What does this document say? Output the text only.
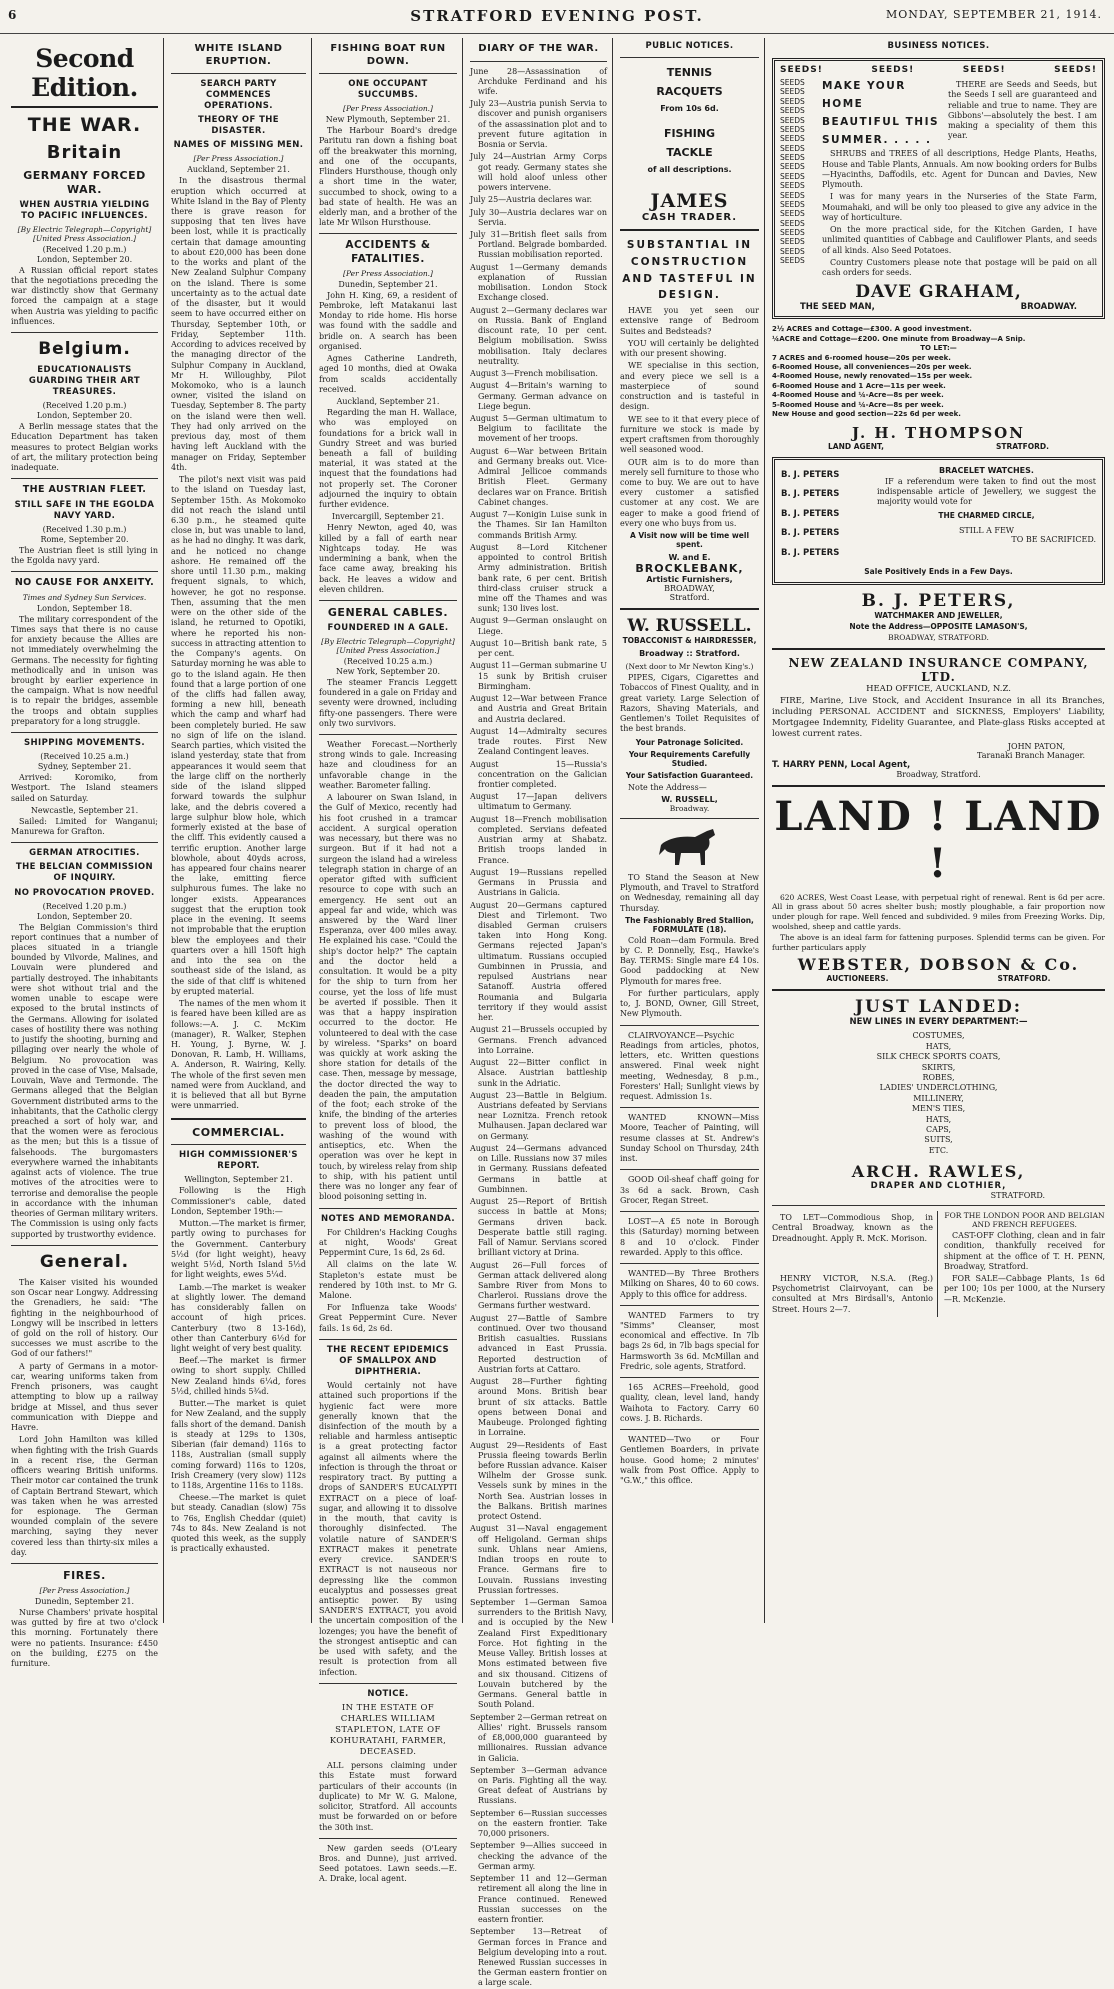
6	STRATFORD EVENING POST.	MONDAY, SEPTEMBER 21, 1914.
Second Edition.
THE WAR.
Britain
GERMANY FORCED WAR.
WHEN AUSTRIA YIELDING TO PACIFIC INFLUENCES.
[By Electric Telegraph—Copyright] [United Press Association.]
(Received 1.20 p.m.)
London, September 20.
A Russian official report states that the negotiations preceding the war distinctly show that Germany forced the campaign at a stage when Austria was yielding to pacific influences.
Belgium.
EDUCATIONALISTS GUARDING THEIR ART TREASURES.
(Received 1.20 p.m.)
London, September 20.
A Berlin message states that the Education Department has taken measures to protect Belgian works of art, the military protection being inadequate.
THE AUSTRIAN FLEET.
STILL SAFE IN THE EGOLDA NAVY YARD.
(Received 1.30 p.m.)
Rome, September 20.
The Austrian fleet is still lying in the Egolda navy yard.
NO CAUSE FOR ANXEITY.
Times and Sydney Sun Services.
London, September 18.
The military correspondent of the Times says that there is no cause for anxiety because the Allies are not immediately overwhelming the Germans. The necessity for fighting methodically and in unison was brought by earlier experience in the campaign. What is now needful is to repair the bridges, assemble the troops and obtain supplies preparatory for a long struggle.
SHIPPING MOVEMENTS.
(Received 10.25 a.m.)
Sydney, September 21.
Arrived: Koromiko, from Westport. The Island steamers sailed on Saturday.
Newcastle, September 21.
Sailed: Limited for Wanganui; Manurewa for Grafton.
GERMAN ATROCITIES.
THE BELCIAN COMMISSION OF INQUIRY.
NO PROVOCATION PROVED.
(Received 1.20 p.m.)
London, September 20.
The Belgian Commission's third report continues that a number of places situated in a triangle bounded by Vilvorde, Malines, and Louvain were plundered and partially destroyed. The inhabitants were shot without trial and the women unable to escape were exposed to the brutal instincts of the Germans. Allowing for isolated cases of hostility there was nothing to justify the shooting, burning and pillaging over nearly the whole of Belgium. No provocation was proved in the case of Vise, Malsade, Louvain, Wave and Termonde. The Germans alleged that the Belgian Government distributed arms to the inhabitants, that the Catholic clergy preached a sort of holy war, and that the women were as ferocious as the men; but this is a tissue of falsehoods. The burgomasters everywhere warned the inhabitants against acts of violence. The true motives of the atrocities were to terrorise and demoralise the people in accordance with the inhuman theories of German military writers. The Commission is using only facts supported by trustworthy evidence.
General.
The Kaiser visited his wounded son Oscar near Longwy. Addressing the Grenadiers, he said: "The fighting in the neighbourhood of Longwy will be inscribed in letters of gold on the roll of history. Our successes we must ascribe to the God of our fathers!"
A party of Germans in a motor-car, wearing uniforms taken from French prisoners, was caught attempting to blow up a railway bridge at Missel, and thus sever communication with Dieppe and Havre.
Lord John Hamilton was killed when fighting with the Irish Guards in a recent rise, the German officers wearing British uniforms. Their motor car contained the trunk of Captain Bertrand Stewart, which was taken when he was arrested for espionage. The German wounded complain of the severe marching, saying they never covered less than thirty-six miles a day.
FIRES.
[Per Press Association.]
Dunedin, September 21.
Nurse Chambers' private hospital was gutted by fire at two o'clock this morning. Fortunately there were no patients. Insurance: £450 on the building, £275 on the furniture.
WHITE ISLAND ERUPTION.
SEARCH PARTY COMMENCES OPERATIONS.
THEORY OF THE DISASTER.
NAMES OF MISSING MEN.
[Per Press Association.]
Auckland, September 21.
In the disastrous thermal eruption which occurred at White Island in the Bay of Plenty there is grave reason for supposing that ten lives have been lost, while it is practically certain that damage amounting to about £20,000 has been done to the works and plant of the New Zealand Sulphur Company on the island. There is some uncertainty as to the actual date of the disaster, but it would seem to have occurred either on Thursday, September 10th, or Friday, September 11th. According to advices received by the managing director of the Sulphur Company in Auckland, Mr H. Willoughby, Pilot Mokomoko, who is a launch owner, visited the island on Tuesday, September 8. The party on the island were then well. They had only arrived on the previous day, most of them having left Auckland with the manager on Friday, September 4th.
The pilot's next visit was paid to the island on Tuesday last, September 15th. As Mokomoko did not reach the island until 6.30 p.m., he steamed quite close in, but was unable to land, as he had no dinghy. It was dark, and he noticed no change ashore. He remained off the shore until 11.30 p.m., making frequent signals, to which, however, he got no response. Then, assuming that the men were on the other side of the island, he returned to Opotiki, where he reported his non-success in attracting attention to the Company's agents. On Saturday morning he was able to go to the island again. He then found that a large portion of one of the cliffs had fallen away, forming a new hill, beneath which the camp and wharf had been completely buried. He saw no sign of life on the island. Search parties, which visited the island yesterday, state that from appearances it would seem that the large cliff on the northerly side of the island slipped forward towards the sulphur lake, and the debris covered a large sulphur blow hole, which formerly existed at the base of the cliff. This evidently caused a terrific eruption. Another large blowhole, about 40yds across, has appeared four chains nearer the lake, emitting fierce sulphurous fumes. The lake no longer exists. Appearances suggest that the eruption took place in the evening. It seems not improbable that the eruption blew the employees and their quarters over a hill 150ft high and into the sea on the southeast side of the island, as the side of that cliff is whitened by erupted material.
The names of the men whom it is feared have been killed are as follows:—A. J. C. McKim (manager), R. Walker, Stephen H. Young, J. Byrne, W. J. Donovan, R. Lamb, H. Williams, A. Anderson, R. Wairing, Kelly. The whole of the first seven men named were from Auckland, and it is believed that all but Byrne were unmarried.
COMMERCIAL.
HIGH COMMISSIONER'S REPORT.
Wellington, September 21.
Following is the High Commissioner's cable, dated London, September 19th:—
Mutton.—The market is firmer, partly owing to purchases for the Government. Canterbury 5½d (for light weight), heavy weight 5½d, North Island 5½d for light weights, ewes 5¼d.
Lamb.—The market is weaker at slightly lower. The demand has considerably fallen on account of high prices. Canterbury (two 8 13-16d), other than Canterbury 6½d for light weight of very best quality.
Beef.—The market is firmer owing to short supply. Chilled New Zealand hinds 6¼d, fores 5½d, chilled hinds 5¾d.
Butter.—The market is quiet for New Zealand, and the supply falls short of the demand. Danish is steady at 129s to 130s, Siberian (fair demand) 116s to 118s, Australian (small supply coming forward) 116s to 120s, Irish Creamery (very slow) 112s to 118s, Argentine 116s to 118s.
Cheese.—The market is quiet but steady. Canadian (slow) 75s to 76s, English Cheddar (quiet) 74s to 84s. New Zealand is not quoted this week, as the supply is practically exhausted.
FISHING BOAT RUN DOWN.
ONE OCCUPANT SUCCUMBS.
[Per Press Association.]
New Plymouth, September 21.
The Harbour Board's dredge Paritutu ran down a fishing boat off the breakwater this morning, and one of the occupants, Flinders Hursthouse, though only a short time in the water, succumbed to shock, owing to a bad state of health. He was an elderly man, and a brother of the late Mr Wilson Hursthouse.
ACCIDENTS & FATALITIES.
[Per Press Association.]
Dunedin, September 21.
John H. King, 69, a resident of Pembroke, left Matakanui last Monday to ride home. His horse was found with the saddle and bridle on. A search has been organised.
Agnes Catherine Landreth, aged 10 months, died at Owaka from scalds accidentally received.
Auckland, September 21.
Regarding the man H. Wallace, who was employed on foundations for a brick wall in Gundry Street and was buried beneath a fall of building material, it was stated at the inquest that the foundations had not properly set. The Coroner adjourned the inquiry to obtain further evidence.
Invercargill, September 21.
Henry Newton, aged 40, was killed by a fall of earth near Nightcaps today. He was undermining a bank, when the face came away, breaking his back. He leaves a widow and eleven children.
GENERAL CABLES.
FOUNDERED IN A GALE.
[By Electric Telegraph—Copyright] [United Press Association.]
(Received 10.25 a.m.)
New York, September 20.
The steamer Francis Leggett foundered in a gale on Friday and seventy were drowned, including fifty-one passengers. There were only two survivors.
Weather Forecast.—Northerly strong winds to gale. Increasing haze and cloudiness for an unfavorable change in the weather. Barometer falling.
A labourer on Swan Island, in the Gulf of Mexico, recently had his foot crushed in a tramcar accident. A surgical operation was necessary, but there was no surgeon. But if it had not a surgeon the island had a wireless telegraph station in charge of an operator gifted with sufficient resource to cope with such an emergency. He sent out an appeal far and wide, which was answered by the Ward liner Esperanza, over 400 miles away. He explained his case. "Could the ship's doctor help?" The captain and the doctor held a consultation. It would be a pity for the ship to turn from her course, yet the loss of life must be averted if possible. Then it was that a happy inspiration occurred to the doctor. He volunteered to deal with the case by wireless. "Sparks" on board was quickly at work asking the shore station for details of the case. Then, message by message, the doctor directed the way to deaden the pain, the amputation of the foot; each stroke of the knife, the binding of the arteries to prevent loss of blood, the washing of the wound with antiseptics, etc. When the operation was over he kept in touch, by wireless relay from ship to ship, with his patient until there was no longer any fear of blood poisoning setting in.
NOTES AND MEMORANDA.
For Children's Hacking Coughs at night, Woods' Great Peppermint Cure, 1s 6d, 2s 6d.
All claims on the late W. Stapleton's estate must be rendered by 10th inst. to Mr G. Malone.
For Influenza take Woods' Great Peppermint Cure. Never fails. 1s 6d, 2s 6d.
THE RECENT EPIDEMICS OF SMALLPOX AND DIPHTHERIA.
Would certainly not have attained such proportions if the hygienic fact were more generally known that the disinfection of the mouth by a reliable and harmless antiseptic is a great protecting factor against all ailments where the infection is through the throat or respiratory tract. By putting a drops of SANDER'S EUCALYPTI EXTRACT on a piece of loaf-sugar, and allowing it to dissolve in the mouth, that cavity is thoroughly disinfected. The volatile nature of SANDER'S EXTRACT makes it penetrate every crevice. SANDER'S EXTRACT is not nauseous nor depressing like the common eucalyptus and possesses great antiseptic power. By using SANDER'S EXTRACT, you avoid the uncertain composition of the lozenges; you have the benefit of the strongest antiseptic and can be used with safety, and the result is protection from all infection.
NOTICE.
IN THE ESTATE OF CHARLES WILLIAM STAPLETON, LATE OF KOHURATAHI, FARMER, DECEASED.
ALL persons claiming under this Estate must forward particulars of their accounts (in duplicate) to Mr W. G. Malone, solicitor, Stratford. All accounts must be forwarded on or before the 30th inst.
New garden seeds (O'Leary Bros. and Dunne), just arrived. Seed potatoes. Lawn seeds.—E. A. Drake, local agent.
DIARY OF THE WAR.
June 28—Assassination of Archduke Ferdinand and his wife.
July 23—Austria punish Servia to discover and punish organisers of the assassination plot and to prevent future agitation in Bosnia or Servia.
July 24—Austrian Army Corps got ready. Germany states she will hold aloof unless other powers intervene.
July 25—Austria declares war.
July 30—Austria declares war on Servia.
July 31—British fleet sails from Portland. Belgrade bombarded. Russian mobilisation reported.
August 1—Germany demands explanation of Russian mobilisation. London Stock Exchange closed.
August 2—Germany declares war on Russia. Bank of England discount rate, 10 per cent. Belgium mobilisation. Swiss mobilisation. Italy declares neutrality.
August 3—French mobilisation.
August 4—Britain's warning to Germany. German advance on Liege begun.
August 5—German ultimatum to Belgium to facilitate the movement of her troops.
August 6—War between Britain and Germany breaks out. Vice-Admiral Jellicoe commands British Fleet. Germany declares war on France. British Cabinet changes.
August 7—Konigin Luise sunk in the Thames. Sir Ian Hamilton commands British Army.
August 8—Lord Kitchener appointed to control British Army administration. British bank rate, 6 per cent. British third-class cruiser struck a mine off the Thames and was sunk; 130 lives lost.
August 9—German onslaught on Liege.
August 10—British bank rate, 5 per cent.
August 11—German submarine U 15 sunk by British cruiser Birmingham.
August 12—War between France and Austria and Great Britain and Austria declared.
August 14—Admiralty secures trade routes. First New Zealand Contingent leaves.
August 15—Russia's concentration on the Galician frontier completed.
August 17—Japan delivers ultimatum to Germany.
August 18—French mobilisation completed. Servians defeated Austrian army at Shabatz. British troops landed in France.
August 19—Russians repelled Germans in Prussia and Austrians in Galicia.
August 20—Germans captured Diest and Tirlemont. Two disabled German cruisers taken into Hong Kong. Germans rejected Japan's ultimatum. Russians occupied Gumbinnen in Prussia, and repulsed Austrians near Satanoff. Austria offered Roumania and Bulgaria territory if they would assist her.
August 21—Brussels occupied by Germans. French advanced into Lorraine.
August 22—Bitter conflict in Alsace. Austrian battleship sunk in the Adriatic.
August 23—Battle in Belgium. Austrians defeated by Servians near Loznitza. French retook Mulhausen. Japan declared war on Germany.
August 24—Germans advanced on Lille. Russians now 37 miles in Germany. Russians defeated Germans in battle at Gumbinnen.
August 25—Report of British success in battle at Mons; Germans driven back. Desperate battle still raging. Fall of Namur. Servians scored brilliant victory at Drina.
August 26—Full forces of German attack delivered along Sambre River from Mons to Charleroi. Russians drove the Germans further westward.
August 27—Battle of Sambre continued. Over two thousand British casualties. Russians advanced in East Prussia. Reported destruction of Austrian forts at Cattaro.
August 28—Further fighting around Mons. British bear brunt of six attacks. Battle opens between Donai and Maubeuge. Prolonged fighting in Lorraine.
August 29—Residents of East Prussia fleeing towards Berlin before Russian advance. Kaiser Wilhelm der Grosse sunk. Vessels sunk by mines in the North Sea. Austrian losses in the Balkans. British marines protect Ostend.
August 31—Naval engagement off Heligoland. German ships sunk. Uhlans near Amiens, Indian troops en route to France. Germans fire to Louvain. Russians investing Prussian fortresses.
September 1—German Samoa surrenders to the British Navy, and is occupied by the New Zealand First Expeditionary Force. Hot fighting in the Meuse Valley. British losses at Mons estimated between five and six thousand. Citizens of Louvain butchered by the Germans. General battle in South Poland.
September 2—German retreat on Allies' right. Brussels ransom of £8,000,000 guaranteed by millionaires. Russian advance in Galicia.
September 3—German advance on Paris. Fighting all the way. Great defeat of Austrians by Russians.
September 6—Russian successes on the eastern frontier. Take 70,000 prisoners.
September 9—Allies succeed in checking the advance of the German army.
September 11 and 12—German retirement all along the line in France continued. Renewed Russian successes on the eastern frontier.
September 13—Retreat of German forces in France and Belgium developing into a rout. Renewed Russian successes in the German eastern frontier on a large scale.
PUBLIC NOTICES.
TENNIS
RACQUETS
From 10s 6d.
FISHING
TACKLE
of all descriptions.
JAMES
CASH TRADER.
SUBSTANTIAL IN CONSTRUCTION AND TASTEFUL IN DESIGN.
HAVE you yet seen our extensive range of Bedroom Suites and Bedsteads?
YOU will certainly be delighted with our present showing.
WE specialise in this section, and every piece we sell is a masterpiece of sound construction and is tasteful in design.
WE see to it that every piece of furniture we stock is made by expert craftsmen from thoroughly well seasoned wood.
OUR aim is to do more than merely sell furniture to those who come to buy. We are out to have every customer a satisfied customer at any cost. We are eager to make a good friend of every one who buys from us.
A Visit now will be time well spent.
W. and E.
BROCKLEBANK,
Artistic Furnishers,
BROADWAY,
Stratford.
W. RUSSELL.
TOBACCONIST & HAIRDRESSER,
Broadway :: Stratford.
(Next door to Mr Newton King's.)
PIPES, Cigars, Cigarettes and Tobaccos of Finest Quality, and in great variety. Large Selection of Razors, Shaving Materials, and Gentlemen's Toilet Requisites of the best brands.
Your Patronage Solicited.
Your Requirements Carefully Studied.
Your Satisfaction Guaranteed.
Note the Address—
W. RUSSELL,
Broadway.
TO Stand the Season at New Plymouth, and Travel to Stratford on Wednesday, remaining all day Thursday.
The Fashionably Bred Stallion, FORMULATE (18).
Cold Roan—dam Formula. Bred by C. P. Donnelly, Esq., Hawke's Bay. TERMS: Single mare £4 10s. Good paddocking at New Plymouth for mares free.
For further particulars, apply to, J. BOND, Owner, Gill Street, New Plymouth.
CLAIRVOYANCE—Psychic Readings from articles, photos, letters, etc. Written questions answered. Final week night meeting, Wednesday, 8 p.m., Foresters' Hall; Sunlight views by request. Admission 1s.
WANTED KNOWN—Miss Moore, Teacher of Painting, will resume classes at St. Andrew's Sunday School on Thursday, 24th inst.
GOOD Oil-sheaf chaff going for 3s 6d a sack. Brown, Cash Grocer, Regan Street.
LOST—A £5 note in Borough this (Saturday) morning between 8 and 10 o'clock. Finder rewarded. Apply to this office.
WANTED—By Three Brothers Milking on Shares, 40 to 60 cows. Apply to this office for address.
WANTED Farmers to try "Simms" Cleanser, most economical and effective. In 7lb bags 2s 6d, in 7lb bags special for Harmsworth 3s 6d. McMillan and Fredric, sole agents, Stratford.
165 ACRES—Freehold, good quality, clean, level land, handy Waihota to Factory. Carry 60 cows. J. B. Richards.
WANTED—Two or Four Gentlemen Boarders, in private house. Good home; 2 minutes' walk from Post Office. Apply to "G.W.," this office.
BUSINESS NOTICES.
SEEDS!	SEEDS!	SEEDS!	SEEDS!
SEEDS
SEEDS
SEEDS
SEEDS
SEEDS
SEEDS
SEEDS
SEEDS
SEEDS
SEEDS
SEEDS
SEEDS
SEEDS
SEEDS
SEEDS
SEEDS
SEEDS
SEEDS
SEEDS
SEEDS
MAKE YOUR HOME BEAUTIFUL THIS SUMMER. . . . .
THERE are Seeds and Seeds, but the Seeds I sell are guaranteed and reliable and true to name. They are Gibbons'—absolutely the best. I am making a speciality of them this year.
SHRUBS and TREES of all descriptions, Hedge Plants, Heaths, House and Table Plants, Annuals. Am now booking orders for Bulbs—Hyacinths, Daffodils, etc. Agent for Duncan and Davies, New Plymouth.
I was for many years in the Nurseries of the State Farm, Moumahaki, and will be only too pleased to give any advice in the way of horticulture.
On the more practical side, for the Kitchen Garden, I have unlimited quantities of Cabbage and Cauliflower Plants, and seeds of all kinds. Also Seed Potatoes.
Country Customers please note that postage will be paid on all cash orders for seeds.
DAVE GRAHAM,
THE SEED MAN,	BROADWAY.
2½ ACRES and Cottage—£300. A good investment.
¼ACRE and Cottage—£200. One minute from Broadway—A Snip.
TO LET:—
7 ACRES and 6-roomed house—20s per week.
6-Roomed House, all conveniences—20s per week.
4-Roomed House, newly renovated—15s per week.
6-Roomed House and 1 Acre—11s per week.
4-Roomed House and ¼-Acre—8s per week.
5-Roomed House and ¼-Acre—8s per week.
New House and good section—22s 6d per week.
J. H. THOMPSON
LAND AGENT,	STRATFORD.
B. J. PETERS
B. J. PETERS
B. J. PETERS
B. J. PETERS
B. J. PETERS
BRACELET WATCHES.
IF a referendum were taken to find out the most indispensable article of Jewellery, we suggest the majority would vote for
THE CHARMED CIRCLE,
STILL A FEW
TO BE SACRIFICED.
Sale Positively Ends in a Few Days.
B. J. PETERS,
WATCHMAKER AND JEWELLER,
Note the Address—OPPOSITE LAMASON'S,
BROADWAY, STRATFORD.
NEW ZEALAND INSURANCE COMPANY, LTD.
HEAD OFFICE, AUCKLAND, N.Z.
FIRE, Marine, Live Stock, and Accident Insurance in all its Branches, including PERSONAL ACCIDENT and SICKNESS, Employers' Liability, Mortgagee Indemnity, Fidelity Guarantee, and Plate-glass Risks accepted at lowest current rates.
JOHN PATON,
Taranaki Branch Manager.
T. HARRY PENN, Local Agent,
Broadway, Stratford.
LAND ! LAND !
620 ACRES, West Coast Lease, with perpetual right of renewal. Rent is 6d per acre. All in grass about 50 acres shelter bush; mostly ploughable, a fair proportion now under plough for rape. Well fenced and subdivided. 9 miles from Freezing Works. Dip, woolshed, sheep and cattle yards.
The above is an ideal farm for fattening purposes. Splendid terms can be given. For further particulars apply
WEBSTER, DOBSON & Co.
AUCTIONEERS.	STRATFORD.
JUST LANDED:
NEW LINES IN EVERY DEPARTMENT:—
COSTUMES,
HATS,
SILK CHECK SPORTS COATS,
SKIRTS,
ROBES,
LADIES' UNDERCLOTHING,
MILLINERY,
MEN'S TIES,
HATS,
CAPS,
SUITS,
ETC.
ARCH. RAWLES,
DRAPER AND CLOTHIER,
STRATFORD.
TO LET—Commodious Shop, in Central Broadway, known as the Dreadnought. Apply R. McK. Morison.
HENRY VICTOR, N.S.A. (Reg.) Psychometrist Clairvoyant, can be consulted at Mrs Birdsall's, Antonio Street. Hours 2—7.
FOR THE LONDON POOR AND BELGIAN AND FRENCH REFUGEES.
CAST-OFF Clothing, clean and in fair condition, thankfully received for shipment at the office of T. H. PENN, Broadway, Stratford.
FOR SALE—Cabbage Plants, 1s 6d per 100; 10s per 1000, at the Nursery—R. McKenzie.
